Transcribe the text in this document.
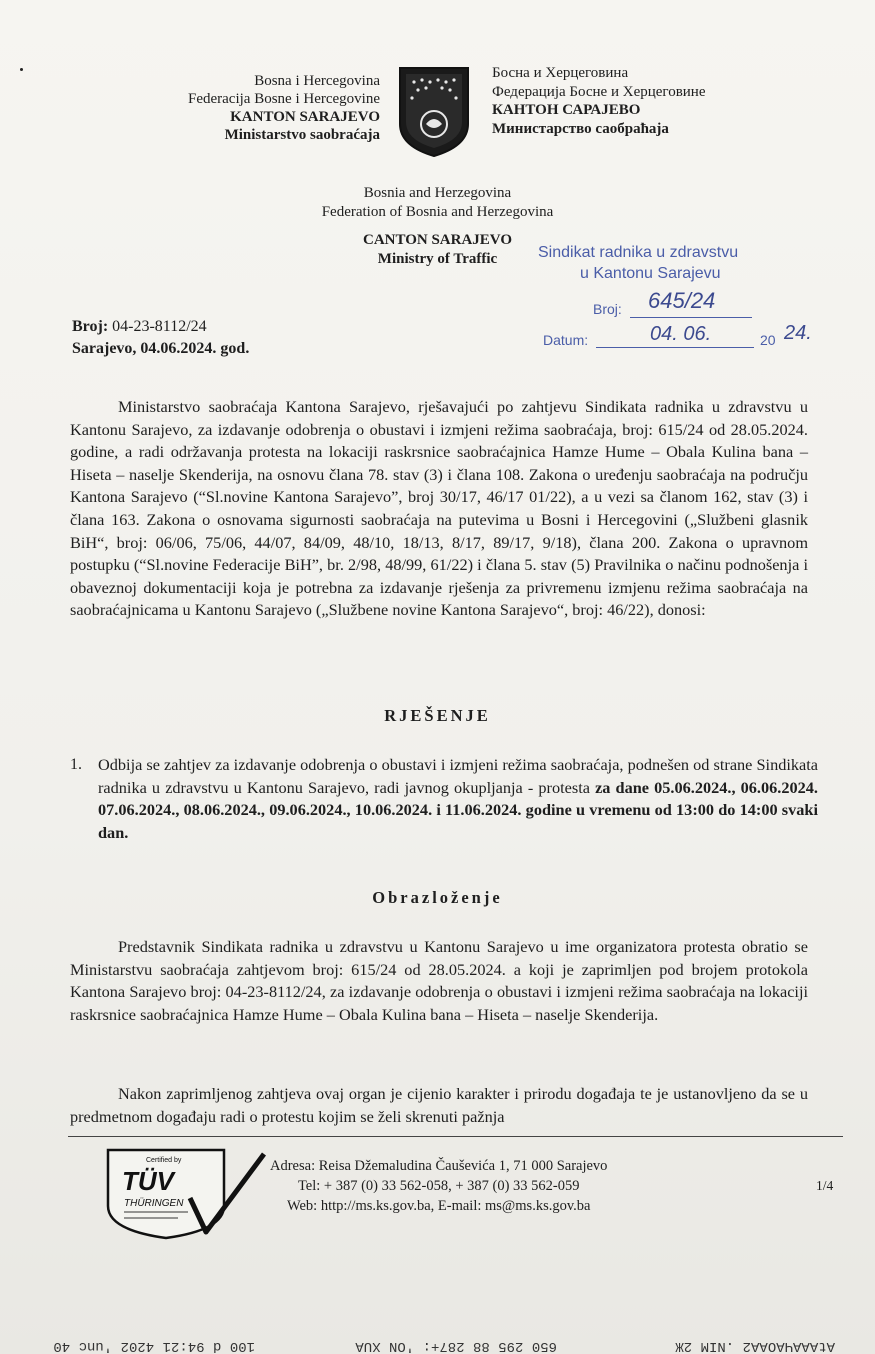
Bosna i Hercegovina
Federacija Bosne i Hercegovine
KANTON SARAJEVO
Ministarstvo saobraćaja
Босна и Херцеговина
Федерација Босне и Херцеговине
КАНТОН САРАЈЕВО
Министарство саобраћаја
Bosnia and Herzegovina
Federation of Bosnia and Herzegovina
CANTON SARAJEVO
Ministry of Traffic	Sindikat radnika u zdravstvu
u Kantonu Sarajevu
Broj: 645/24
Datum:	04. 06.	20 24.
Broj: 04-23-8112/24
Sarajevo, 04.06.2024. god.
Ministarstvo saobraćaja Kantona Sarajevo, rješavajući po zahtjevu Sindikata radnika u zdravstvu u Kantonu Sarajevo, za izdavanje odobrenja o obustavi i izmjeni režima saobraćaja, broj: 615/24 od 28.05.2024. godine, a radi održavanja protesta na lokaciji raskrsnice saobraćajnica Hamze Hume – Obala Kulina bana – Hiseta – naselje Skenderija, na osnovu člana 78. stav (3) i člana 108. Zakona o uređenju saobraćaja na području Kantona Sarajevo (“Sl.novine Kantona Sarajevo”, broj 30/17, 46/17 01/22), a u vezi sa članom 162, stav (3) i člana 163. Zakona o osnovama sigurnosti saobraćaja na putevima u Bosni i Hercegovini („Službeni glasnik BiH“, broj: 06/06, 75/06, 44/07, 84/09, 48/10, 18/13, 8/17, 89/17, 9/18), člana 200. Zakona o upravnom postupku (“Sl.novine Federacije BiH”, br. 2/98, 48/99, 61/22) i člana 5. stav (5) Pravilnika o načinu podnošenja i obaveznoj dokumentaciji koja je potrebna za izdavanje rješenja za privremenu izmjenu režima saobraćaja na saobraćajnicama u Kantonu Sarajevo („Službene novine Kantona Sarajevo“, broj: 46/22), donosi:
RJEŠENJE
1. Odbija se zahtjev za izdavanje odobrenja o obustavi i izmjeni režima saobraćaja, podnešen od strane Sindikata radnika u zdravstvu u Kantonu Sarajevo, radi javnog okupljanja - protesta za dane 05.06.2024., 06.06.2024. 07.06.2024., 08.06.2024., 09.06.2024., 10.06.2024. i 11.06.2024. godine u vremenu od 13:00 do 14:00 svaki dan.
Obrazloženje
Predstavnik Sindikata radnika u zdravstvu u Kantonu Sarajevo u ime organizatora protesta obratio se Ministarstvu saobraćaja zahtjevom broj: 615/24 od 28.05.2024. a koji je zaprimljen pod brojem protokola Kantona Sarajevo broj: 04-23-8112/24, za izdavanje odobrenja o obustavi i izmjeni režima saobraćaja na lokaciji raskrsnice saobraćajnica Hamze Hume – Obala Kulina bana – Hiseta – naselje Skenderija.
Nakon zaprimljenog zahtjeva ovaj organ je cijenio karakter i prirodu događaja te je ustanovljeno da se u predmetnom događaju radi o protestu kojim se želi skrenuti pažnja
Certified by
TÜV
THÜRINGEN
Adresa: Reisa Džemaludina Čauševića 1, 71 000 Sarajevo
Tel: + 387 (0) 33 562-058, + 387 (0) 33 562-059
Web: http://ms.ks.gov.ba, E-mail: ms@ms.ks.gov.ba
1/4
AtAAAЧAOAA2 .NIM 2Ж
650 295 88 287+: 'ON XUA
100 d 94:21 4202 'unc 40
